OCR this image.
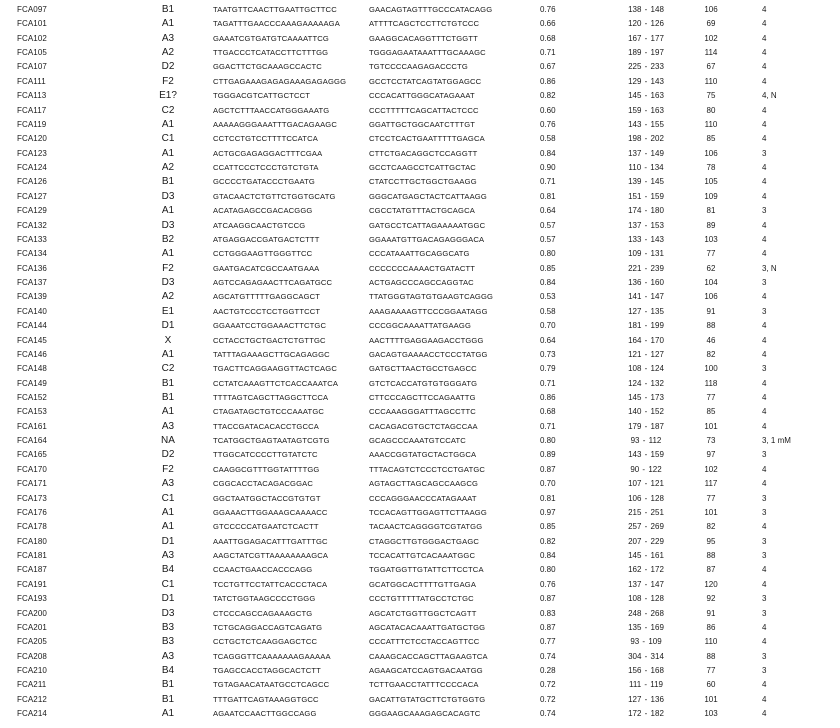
FCA097	B1	TAATGTTCAACTTGAATTGCTTCC	GAACAGTAGTTTGCCCATACAGG	0.76	138 - 148	106	4
FCA101	A1	TAGATTTGAACCCAAAGAAAAAGA	ATTTTCAGCTCCTTCTGTCCC	0.66	120 - 126	69	4
FCA102	A3	GAAATCGTGATGTCAAAATTCG	GAAGGCACAGGTTTCTGGTT	0.68	167 - 177	102	4
FCA105	A2	TTGACCCTCATACCTTCTTTGG	TGGGAGAATAAATTTGCAAAGC	0.71	189 - 197	114	4
FCA107	D2	GGACTTCTGCAAAGCCACTC	TGTCCCCAAGAGACCCTG	0.67	225 - 233	67	4
FCA111	F2	CTTGAGAAAGAGAGAAAGAGAGGG	GCCTCCTATCAGTATGGAGCC	0.86	129 - 143	110	4
FCA113	E1?	TGGGACGTCATTGCTCCT	CCCACATTGGGCATAGAAAT	0.82	145 - 163	75	4, N
FCA117	C2	AGCTCTTTAACCATGGGAAATG	CCCTTTTTCAGCATTACTCCC	0.60	159 - 163	80	4
FCA119	A1	AAAAAGGGAAATTTGACAGAAGC	GGATTGCTGGCAATCTTTGT	0.76	143 - 155	110	4
FCA120	C1	CCTCCTGTCCTTTTCCATCA	CTCCTCACTGAATTTTTGAGCA	0.58	198 - 202	85	4
FCA123	A1	ACTGCGAGAGGACTTTCGAA	CTTCTGACAGGCTCCAGGTT	0.84	137 - 149	106	3
FCA124	A2	CCATTCCCTCCCTGTCTGTA	GCCTCAAGCCTCATTGCTAC	0.90	110 - 134	78	4
FCA126	B1	GCCCCTGATACCCTGAATG	CTATCCTTGCTGGCTGAAGG	0.71	139 - 145	105	4
FCA127	D3	GTACAACTCTGTTCTGGTGCATG	GGGCATGAGCTACTCATTAAGG	0.81	151 - 159	109	4
FCA129	A1	ACATAGAGCCGACACGGG	CGCCTATGTTTACTGCAGCA	0.64	174 - 180	81	3
FCA132	D3	ATCAAGGCAACTGTCCG	GATGCCTCATTAGAAAAATGGC	0.57	137 - 153	89	4
FCA133	B2	ATGAGGACCGATGACTCTTT	GGAAATGTTGACAGAGGGACA	0.57	133 - 143	103	4
FCA134	A1	CCTGGGAAGTTGGGTTCC	CCCATAAATTGCAGGCATG	0.80	109 - 131	77	4
FCA136	F2	GAATGACATCGCCAATGAAA	CCCCCCCAAAACTGATACTT	0.85	221 - 239	62	3, N
FCA137	D3	AGTCCAGAGAACTTCAGATGCC	ACTGAGCCCAGCCAGGTAC	0.84	136 - 160	104	3
FCA139	A2	AGCATGTTTTTGAGGCAGCT	TTATGGGTAGTGTGAAGTCAGGG	0.53	141 - 147	106	4
FCA140	E1	AACTGTCCCTCCTGGTTCCT	AAAGAAAAGTTCCCGGAATAGG	0.58	127 - 135	91	3
FCA144	D1	GGAAATCCTGGAAACTTCTGC	CCCGGCAAAATTATGAAGG	0.70	181 - 199	88	4
FCA145	X	CCTACCTGCTGACTCTGTTGC	AACTTTTGAGGAAGACCTGGG	0.64	164 - 170	46	4
FCA146	A1	TATTTAGAAAGCTTGCAGAGGC	GACAGTGAAAACCTCCCTATGG	0.73	121 - 127	82	4
FCA148	C2	TGACTTCAGGAAGGTTACTCAGC	GATGCTTAACTGCCTGAGCC	0.79	108 - 124	100	3
FCA149	B1	CCTATCAAAGTTCTCACCAAATCA	GTCTCACCATGTGTGGGATG	0.71	124 - 132	118	4
FCA152	B1	TTTTAGTCAGCTTAGGCTTCCA	CTTCCCAGCTTCCAGAATTG	0.86	145 - 173	77	4
FCA153	A1	CTAGATAGCTGTCCCAAATGC	CCCAAAGGGATTTAGCCTTC	0.68	140 - 152	85	4
FCA161	A3	TTACCGATACACACCTGCCA	CACAGACGTGCTCTAGCCAA	0.71	179 - 187	101	4
FCA164	NA	TCATGGCTGAGTAATAGTCGTG	GCAGCCCAAATGTCCATC	0.80	93 - 112	73	3, 1 mM
FCA165	D2	TTGGCATCCCCTTGTATCTC	AAACCGGTATGCTACTGGCA	0.89	143 - 159	97	3
FCA170	F2	CAAGGCGTTTGGTATTTTGG	TTTACAGTCTCCCTCCTGATGC	0.87	90 - 122	102	4
FCA171	A3	CGGCACCTACAGACGGAC	AGTAGCTTAGCAGCCAAGCG	0.70	107 - 121	117	4
FCA173	C1	GGCTAATGGCTACCGTGTGT	CCCAGGGAACCCATAGAAAT	0.81	106 - 128	77	3
FCA176	A1	GGAAACTTGGAAAGCAAAACC	TCCACAGTTGGAGTTCTTAAGG	0.97	215 - 251	101	3
FCA178	A1	GTCCCCCATGAATCTCACTT	TACAACTCAGGGGTCGTATGG	0.85	257 - 269	82	4
FCA180	D1	AAATTGGAGACATTTGATTTGC	CTAGGCTTGTGGGACTGAGC	0.82	207 - 229	95	3
FCA181	A3	AAGCTATCGTTAAAAAAAAGCA	TCCACATTGTCACAAATGGC	0.84	145 - 161	88	3
FCA187	B4	CCAACTGAACCACCCAGG	TGGATGGTTGTATTCTTCCTCA	0.80	162 - 172	87	4
FCA191	C1	TCCTGTTCCTATTCACCCTACA	GCATGGCACTTTTGTTGAGA	0.76	137 - 147	120	4
FCA193	D1	TATCTGGTAAGCCCCTGGG	CCCTGTTTTTATGCCTCTGC	0.87	108 - 128	92	3
FCA200	D3	CTCCCAGCCAGAAAGCTG	AGCATCTGGTTGGCTCAGTT	0.83	248 - 268	91	3
FCA201	B3	TCTGCAGGACCAGTCAGATG	AGCATACACAAATTGATGCTGG	0.87	135 - 169	86	4
FCA205	B3	CCTGCTCTCAAGGAGCTCC	CCCATTTCTCCTACCAGTTCC	0.77	93 - 109	110	4
FCA208	A3	TCAGGGTTCAAAAAAAGAAAAA	CAAAGCACCAGCTTAGAAGTCA	0.74	304 - 314	88	3
FCA210	B4	TGAGCCACCTAGGCACTCTT	AGAAGCATCCAGTGACAATGG	0.28	156 - 168	77	3
FCA211	B1	TGTAGAACATAATGCCTCAGCC	TCTTGAACCTATTTCCCCACA	0.72	111 - 119	60	4
FCA212	B1	TTTGATTCAGTAAAGGTGCC	GACATTGTATGCTTCTGTGGTG	0.72	127 - 136	101	4
FCA214	A1	AGAATCCAACTTGGCCAGG	GGGAAGCAAAGAGCACAGTC	0.74	172 - 182	103	4
